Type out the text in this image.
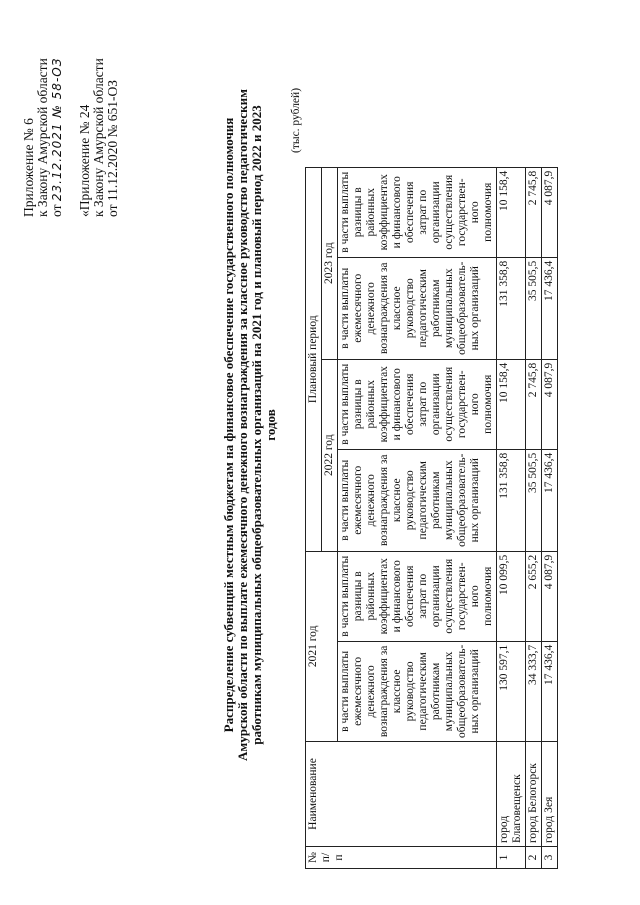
Приложение № 6 к Закону Амурской области от 23.12.2021 № 58-ОЗ «Приложение № 24 к Закону Амурской области от 11.12.2020 № 651-ОЗ	Распределение субвенций местным бюджетам на финансовое обеспечение государственного полномочия Амурской области по выплате ежемесячного денежного вознаграждения за классное руководство педагогическим работникам муниципальных общеобразовательных организаций на 2021 год и плановый период 2022 и 2023 годов
(тыс. рублей)
№ п/п	Наименование	2021 год		Плановый период			
				2022 год		2023 год	
		в части выплаты ежемесячного денежного вознаграждения за классное руководство педагогическим работникам муниципальных общеобразователь-ных организаций	в части выплаты разницы в районных коэффициентах и финансового обеспечения затрат по организации осуществления государствен-ного полномочия	в части выплаты ежемесячного денежного вознаграждения за классное руководство педагогическим работникам муниципальных общеобразователь-ных организаций	в части выплаты разницы в районных коэффициентах и финансового обеспечения затрат по организации осуществления государствен-ного полномочия	в части выплаты ежемесячного денежного вознаграждения за классное руководство педагогическим работникам муниципальных общеобразователь-ных организаций	в части выплаты разницы в районных коэффициентах и финансового обеспечения затрат по организации осуществления государствен-ного полномочия
1	город Благовещенск	130 597,1	10 099,5	131 358,8	10 158,4	131 358,8	10 158,4
2	город Белогорск	34 333,7	2 655,2	35 505,5	2 745,8	35 505,5	2 745,8
3	город Зея	17 436,4	4 087,9	17 436,4	4 087,9	17 436,4	4 087,9
